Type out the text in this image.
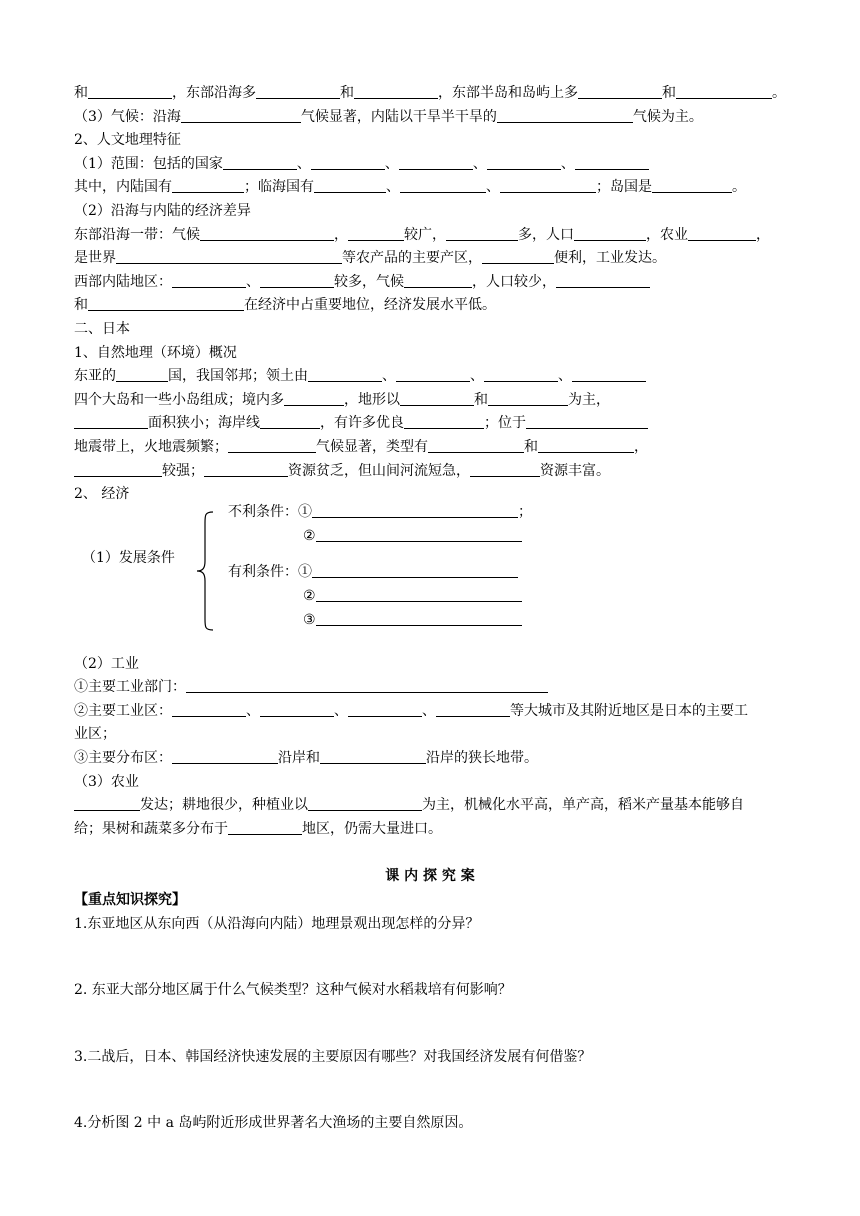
和	，东部沿海多	和	，东部半岛和岛屿上多	和	。
（3）气候：沿海	气候显著，内陆以干旱半干旱的	气候为主。
2、人文地理特征
（1）范围：包括的国家	、	、	、	、
其中，内陆国有	；临海国有	、	、	；岛国是	。
（2）沿海与内陆的经济差异
东部沿海一带：气候	，	较广，	多，人口	，农业	，
是世界	等农产品的主要产区，	便利，工业发达。
西部内陆地区：	、	较多，气候	，人口较少，
和	在经济中占重要地位，经济发展水平低。
二、日本
1、自然地理（环境）概况
东亚的	国，我国邻邦；领土由	、	、	、
四个大岛和一些小岛组成；境内多	，地形以	和	为主，
面积狭小；海岸线	，有许多优良	；位于
地震带上，火地震频繁；	气候显著，类型有	和	，
较强；	资源贫乏，但山间河流短急，	资源丰富。
2、 经济
（1）发展条件
不利条件：①	；
②
有利条件：①
②
③
（2）工业
①主要工业部门：
②主要工业区：	、	、	、	等大城市及其附近地区是日本的主要工
业区；
③主要分布区：	沿岸和	沿岸的狭长地带。
（3）农业
发达；耕地很少，种植业以	为主，机械化水平高，单产高，稻米产量基本能够自
给；果树和蔬菜多分布于	地区，仍需大量进口。
课 内 探 究 案
【重点知识探究】
1.东亚地区从东向西（从沿海向内陆）地理景观出现怎样的分异？
2. 东亚大部分地区属于什么气候类型？这种气候对水稻栽培有何影响？
3.二战后，日本、韩国经济快速发展的主要原因有哪些？对我国经济发展有何借鉴？
4.分析图 2 中 a 岛屿附近形成世界著名大渔场的主要自然原因。
